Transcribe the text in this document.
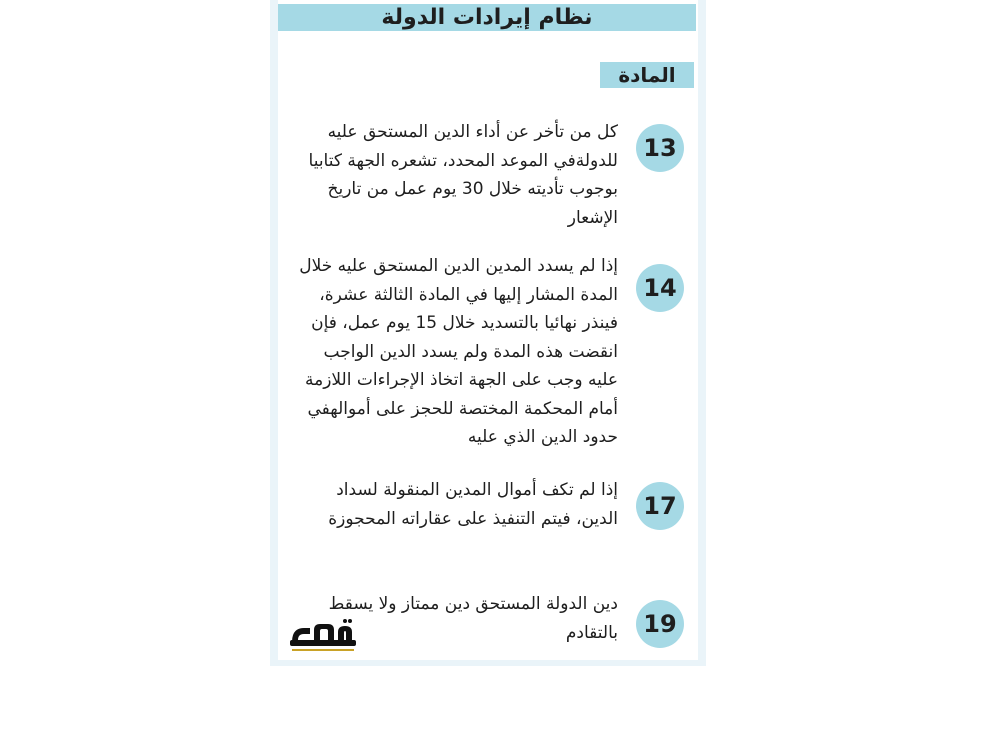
نظام إيرادات الدولة
المادة
13
كل من تأخر عن أداء الدين المستحق عليه للدولةفي الموعد المحدد، تشعره الجهة كتابيا بوجوب تأديته خلال 30 يوم عمل من تاريخ الإشعار
14
إذا لم يسدد المدين الدين المستحق عليه خلال المدة المشار إليها في المادة الثالثة عشرة، فينذر نهائيا بالتسديد خلال 15 يوم عمل، فإن انقضت هذه المدة ولم يسدد الدين الواجب عليه وجب على الجهة اتخاذ الإجراءات اللازمة أمام المحكمة المختصة للحجز على أموالهفي حدود الدين الذي عليه
17
إذا لم تكف أموال المدين المنقولة لسداد الدين، فيتم التنفيذ على عقاراته المحجوزة
19
دين الدولة المستحق دين ممتاز ولا يسقط بالتقادم
